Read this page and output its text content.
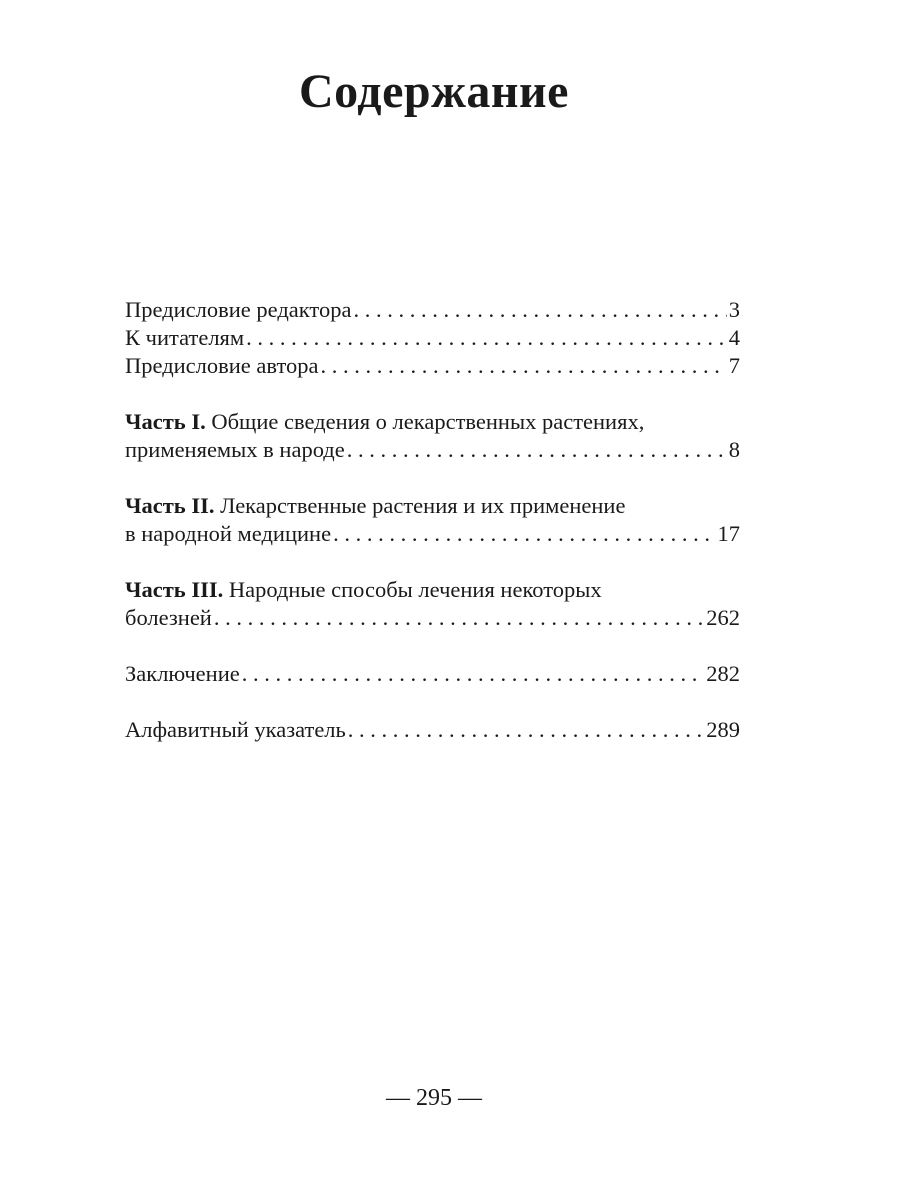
Содержание
Предисловие редактора . . .	3
К читателям . . .	4
Предисловие автора . . .	7
Часть I. Общие сведения о лекарственных растениях,
применяемых в народе . . .	8
Часть II. Лекарственные растения и их применение
в народной медицине . . .	17
Часть III. Народные способы лечения некоторых
болезней . . .	262
Заключение . . .	282
Алфавитный указатель . . .	289
— 295 —
